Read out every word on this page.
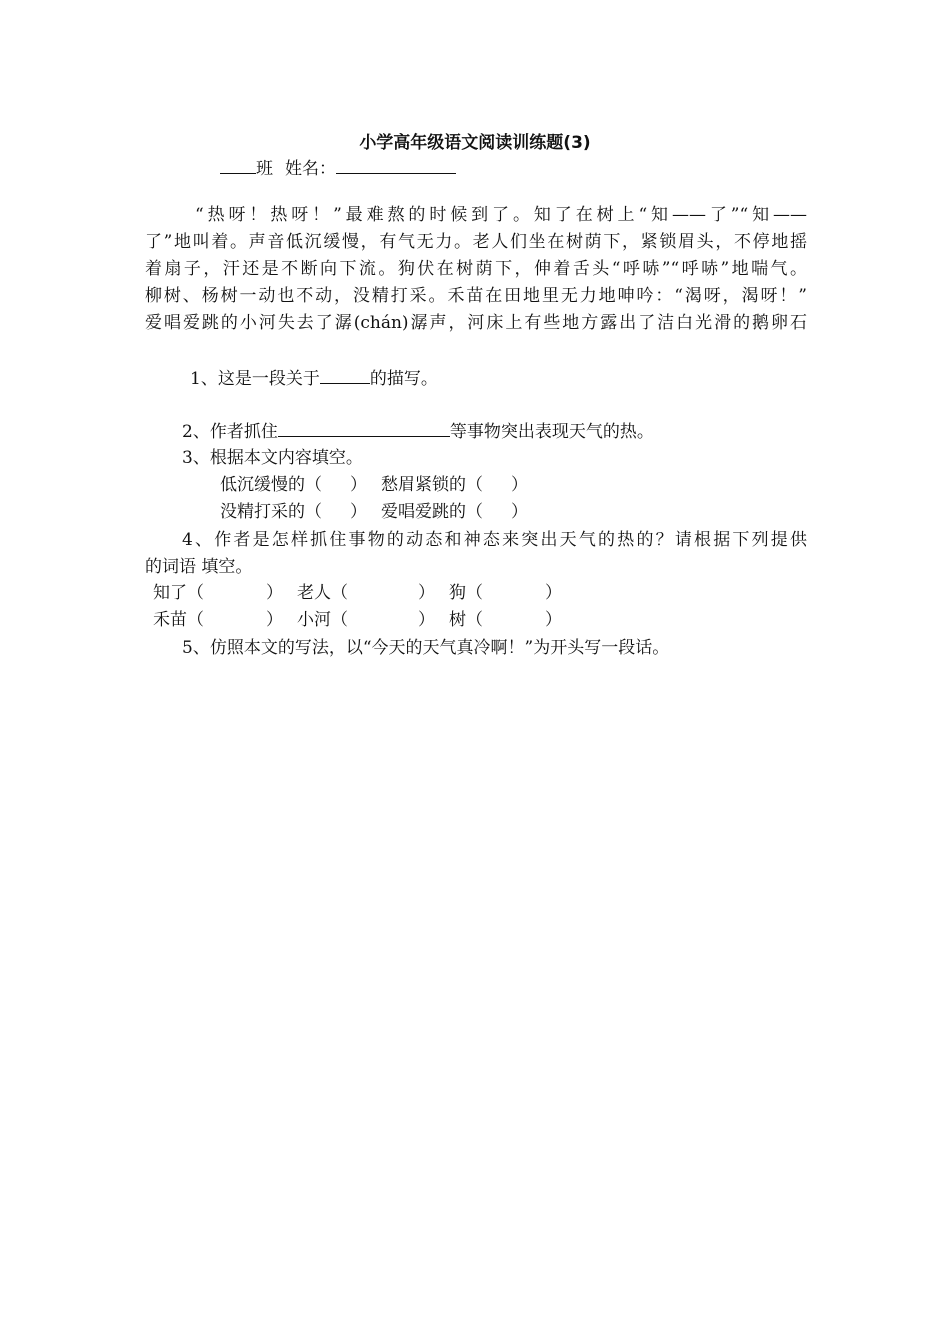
小学高年级语文阅读训练题(3)
班 姓名：
“热呀！热呀！”最难熬的时候到了。知了在树上“知——了”“知——
了”地叫着。声音低沉缓慢，有气无力。老人们坐在树荫下，紧锁眉头，不停地摇
着扇子，汗还是不断向下流。狗伏在树荫下，伸着舌头“呼哧”“呼哧”地喘气。
柳树、杨树一动也不动，没精打采。禾苗在田地里无力地呻吟：“渴呀，渴呀！”
爱唱爱跳的小河失去了潺(chán)潺声，河床上有些地方露出了洁白光滑的鹅卵石
1、这是一段关于	的描写。
2、作者抓住	等事物突出表现天气的热。
3、根据本文内容填空。
低沉缓慢的（ ） 愁眉紧锁的（ ）
没精打采的（ ） 爱唱爱跳的（ ）
4、作者是怎样抓住事物的动态和神态来突出天气的热的？请根据下列提供
的词语 填空。
知了（	） 老人（	） 狗（	）
禾苗（	） 小河（	） 树（	）
5、仿照本文的写法，以“今天的天气真冷啊！”为开头写一段话。
